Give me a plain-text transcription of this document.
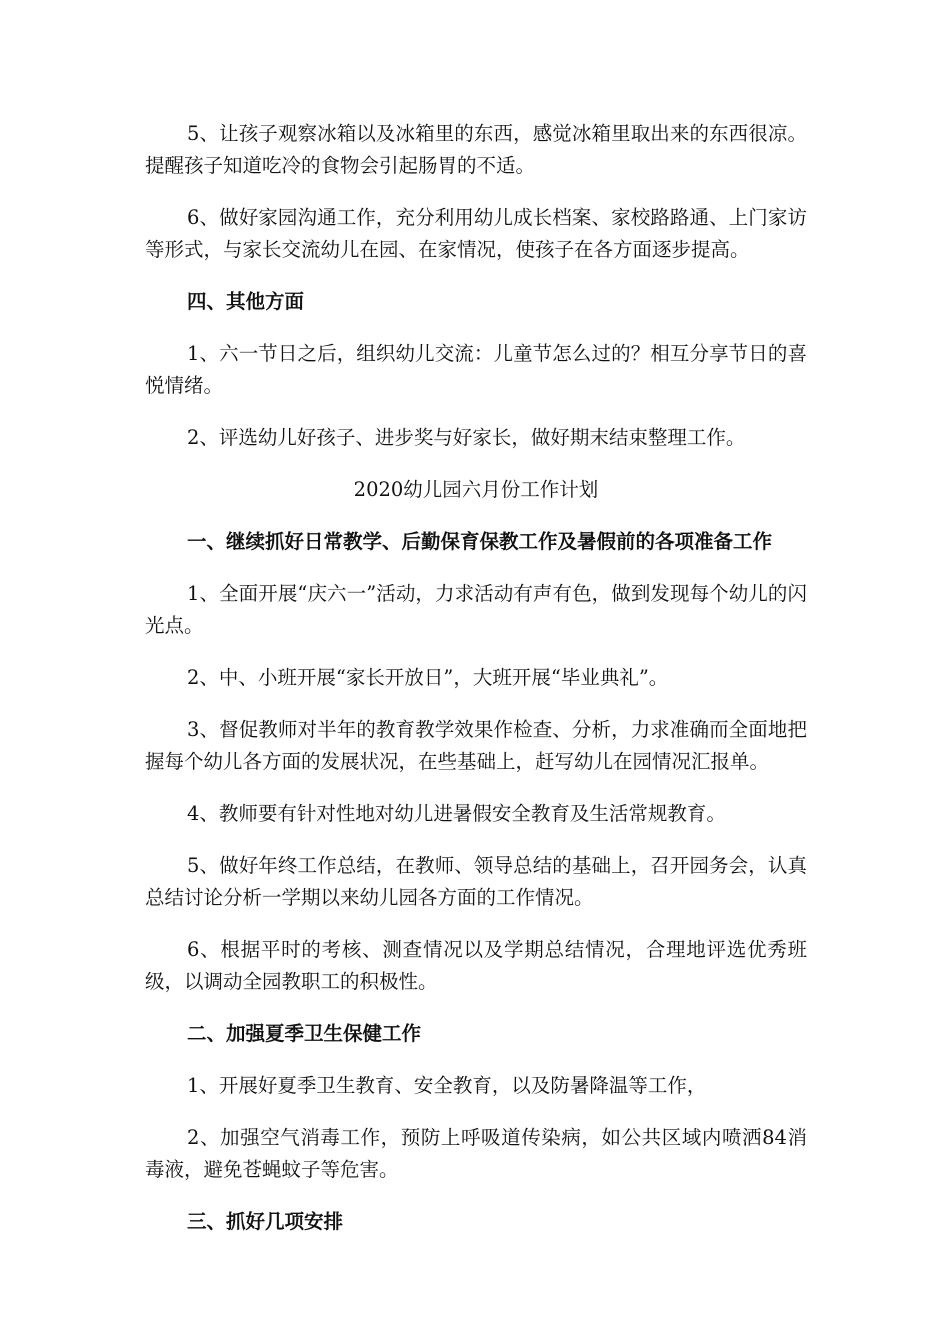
5、让孩子观察冰箱以及冰箱里的东西，感觉冰箱里取出来的东西很凉。提醒孩子知道吃冷的食物会引起肠胃的不适。

6、做好家园沟通工作，充分利用幼儿成长档案、家校路路通、上门家访等形式，与家长交流幼儿在园、在家情况，使孩子在各方面逐步提高。

四、其他方面

1、六一节日之后，组织幼儿交流：儿童节怎么过的？相互分享节日的喜悦情绪。

2、评选幼儿好孩子、进步奖与好家长，做好期末结束整理工作。

2020幼儿园六月份工作计划

一、继续抓好日常教学、后勤保育保教工作及暑假前的各项准备工作

1、全面开展“庆六一”活动，力求活动有声有色，做到发现每个幼儿的闪光点。

2、中、小班开展“家长开放日”，大班开展“毕业典礼”。

3、督促教师对半年的教育教学效果作检查、分析，力求准确而全面地把握每个幼儿各方面的发展状况，在些基础上，赶写幼儿在园情况汇报单。

4、教师要有针对性地对幼儿进暑假安全教育及生活常规教育。

5、做好年终工作总结，在教师、领导总结的基础上，召开园务会，认真总结讨论分析一学期以来幼儿园各方面的工作情况。

6、根据平时的考核、测查情况以及学期总结情况，合理地评选优秀班级，以调动全园教职工的积极性。

二、加强夏季卫生保健工作

1、开展好夏季卫生教育、安全教育，以及防暑降温等工作，

2、加强空气消毒工作，预防上呼吸道传染病，如公共区域内喷洒84消毒液，避免苍蝇蚊子等危害。

三、抓好几项安排
